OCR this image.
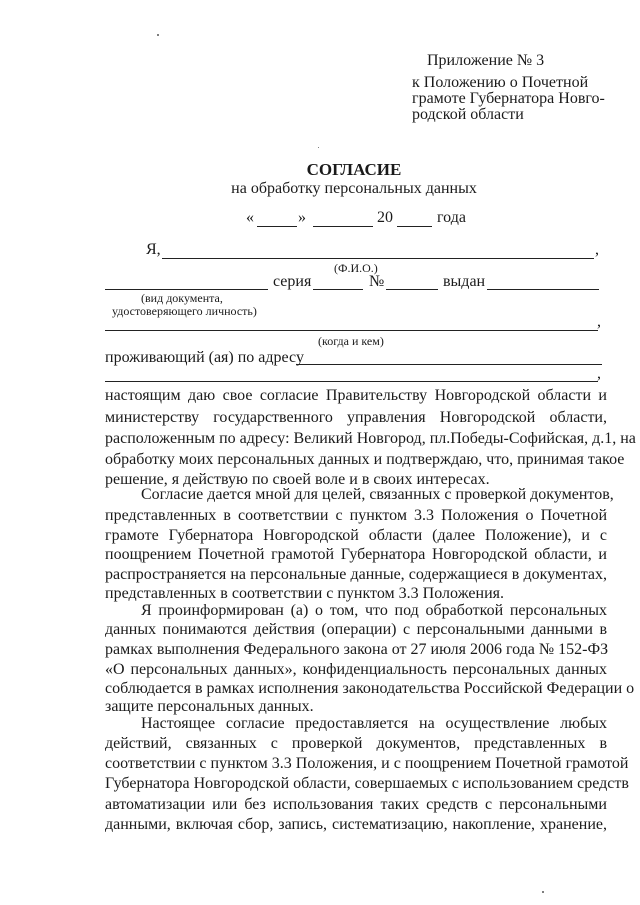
Приложение № 3
к Положению о Почетной
грамоте Губернатора Новго-
родской области
СОГЛАСИЕ
на обработку персональных данных
«	»	20	года
Я,	,
(Ф.И.О.)
серия	№	выдан
(вид документа,
удостоверяющего личность)
,
(когда и кем)
проживающий (ая) по адресу
,
настоящим даю свое согласие Правительству Новгородской области и
министерству государственного управления Новгородской области,
расположенным по адресу: Великий Новгород, пл.Победы-Софийская, д.1, на
обработку моих персональных данных и подтверждаю, что, принимая такое
решение, я действую по своей воле и в своих интересах.
Согласие дается мной для целей, связанных с проверкой документов,
представленных в соответствии с пунктом 3.3 Положения о Почетной
грамоте Губернатора Новгородской области (далее Положение), и с
поощрением Почетной грамотой Губернатора Новгородской области, и
распространяется на персональные данные, содержащиеся в документах,
представленных в соответствии с пунктом 3.3 Положения.
Я проинформирован (а) о том, что под обработкой персональных
данных понимаются действия (операции) с персональными данными в
рамках выполнения Федерального закона от 27 июля 2006 года № 152-ФЗ
«О персональных данных», конфиденциальность персональных данных
соблюдается в рамках исполнения законодательства Российской Федерации о
защите персональных данных.
Настоящее согласие предоставляется на осуществление любых
действий, связанных с проверкой документов, представленных в
соответствии с пунктом 3.3 Положения, и с поощрением Почетной грамотой
Губернатора Новгородской области, совершаемых с использованием средств
автоматизации или без использования таких средств с персональными
данными, включая сбор, запись, систематизацию, накопление, хранение,
